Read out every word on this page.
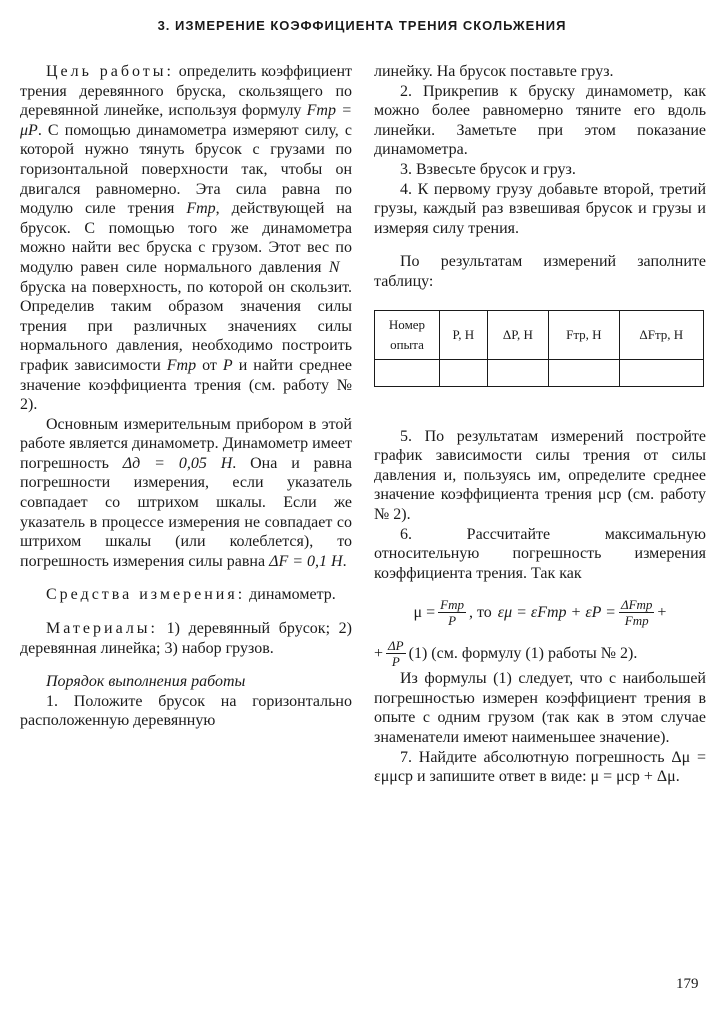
3. ИЗМЕРЕНИЕ КОЭФФИЦИЕНТА ТРЕНИЯ СКОЛЬЖЕНИЯ

Цель работы: определить коэффициент трения деревянного бруска, скользящего по деревянной линейке, используя формулу Fтр = μP. С помощью динамометра измеряют силу, с которой нужно тянуть брусок с грузами по горизонтальной поверхности так, чтобы он двигался равномерно. Эта сила равна по модулю силе трения Fтр, действующей на брусок. С помощью того же динамометра можно найти вес бруска с грузом. Этот вес по модулю равен силе нормального давления N⃗ бруска на поверхность, по которой он скользит. Определив таким образом значения силы трения при различных значениях силы нормального давления, необходимо построить график зависимости Fтр от P и найти среднее значение коэффициента трения (см. работу № 2).

Основным измерительным прибором в этой работе является динамометр. Динамометр имеет погрешность Δд = 0,05 Н. Она и равна погрешности измерения, если указатель совпадает со штрихом шкалы. Если же указатель в процессе измерения не совпадает со штрихом шкалы (или колеблется), то погрешность измерения силы равна ΔF = 0,1 Н.

Средства измерения: динамометр.

Материалы: 1) деревянный брусок; 2) деревянная линейка; 3) набор грузов.

Порядок выполнения работы

1. Положите брусок на горизонтально расположенную деревянную

линейку. На брусок поставьте груз.

2. Прикрепив к бруску динамометр, как можно более равномерно тяните его вдоль линейки. Заметьте при этом показание динамометра.

3. Взвесьте брусок и груз.

4. К первому грузу добавьте второй, третий грузы, каждый раз взвешивая брусок и грузы и измеряя силу трения.

По результатам измерений заполните таблицу:

Номер опыта	P, Н	ΔP, Н	Fтр, Н	ΔFтр, Н

5. По результатам измерений постройте график зависимости силы трения от силы давления и, пользуясь им, определите среднее значение коэффициента трения μср (см. работу № 2).

6. Рассчитайте максимальную относительную погрешность измерения коэффициента трения. Так как

$\mu = \frac{\text{Fтр}}{P}$ , то $\varepsilon\mu = \varepsilon Fтр + \varepsilon P = \frac{\text{ΔFтр}}{\text{Fтр}}$ +

+ $\frac{\Delta P}{P} (1)$ (см. формулу (1) работы № 2).

Из формулы (1) следует, что с наибольшей погрешностью измерен коэффициент трения в опыте с одним грузом (так как в этом случае знаменатели имеют наименьшее значение).

7. Найдите абсолютную погрешность Δμ = εμμср и запишите ответ в виде: μ = μср + Δμ.

179
